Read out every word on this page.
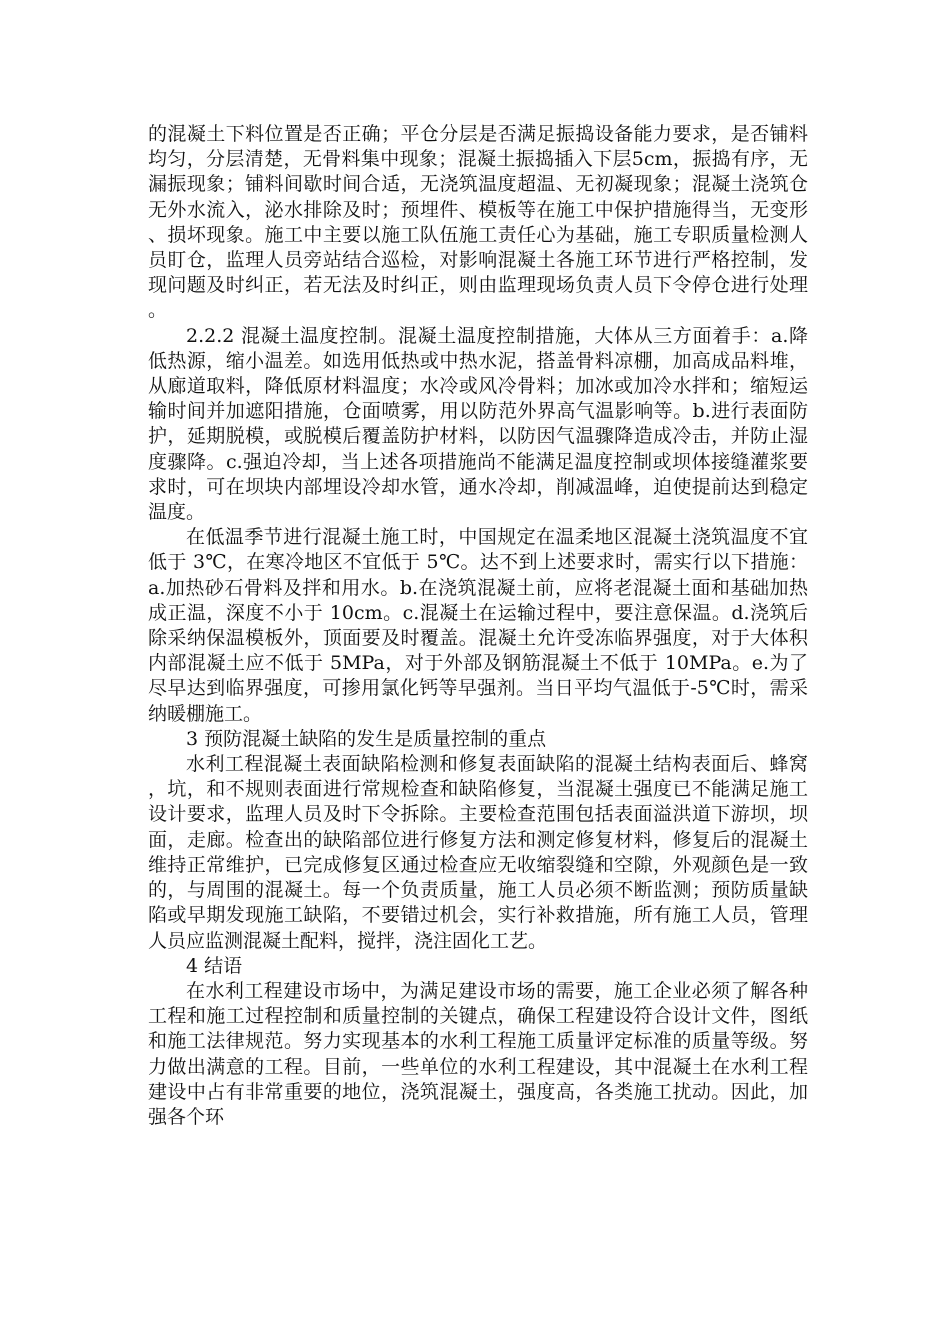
的混凝土下料位置是否正确；平仓分层是否满足振捣设备能力要求，是否铺料均匀，分层清楚，无骨料集中现象；混凝土振捣插入下层5cm，振捣有序，无漏振现象；铺料间歇时间合适，无浇筑温度超温、无初凝现象；混凝土浇筑仓无外水流入，泌水排除及时；预埋件、模板等在施工中保护措施得当，无变形、损坏现象。施工中主要以施工队伍施工责任心为基础，施工专职质量检测人员盯仓，监理人员旁站结合巡检，对影响混凝土各施工环节进行严格控制，发现问题及时纠正，若无法及时纠正，则由监理现场负责人员下令停仓进行处理。

2.2.2 混凝土温度控制。混凝土温度控制措施，大体从三方面着手：a.降低热源，缩小温差。如选用低热或中热水泥，搭盖骨料凉棚，加高成品料堆，从廊道取料，降低原材料温度；水冷或风冷骨料；加冰或加冷水拌和；缩短运输时间并加遮阳措施，仓面喷雾，用以防范外界高气温影响等。b.进行表面防护，延期脱模，或脱模后覆盖防护材料，以防因气温骤降造成冷击，并防止湿度骤降。c.强迫冷却，当上述各项措施尚不能满足温度控制或坝体接缝灌浆要求时，可在坝块内部埋设冷却水管，通水冷却，削减温峰，迫使提前达到稳定温度。

在低温季节进行混凝土施工时，中国规定在温柔地区混凝土浇筑温度不宜低于 3℃，在寒冷地区不宜低于 5℃。达不到上述要求时，需实行以下措施：a.加热砂石骨料及拌和用水。b.在浇筑混凝土前，应将老混凝土面和基础加热成正温，深度不小于 10cm。c.混凝土在运输过程中，要注意保温。d.浇筑后除采纳保温模板外，顶面要及时覆盖。混凝土允许受冻临界强度，对于大体积内部混凝土应不低于 5MPa，对于外部及钢筋混凝土不低于 10MPa。e.为了尽早达到临界强度，可掺用氯化钙等早强剂。当日平均气温低于-5℃时，需采纳暖棚施工。

3 预防混凝土缺陷的发生是质量控制的重点

水利工程混凝土表面缺陷检测和修复表面缺陷的混凝土结构表面后、蜂窝，坑，和不规则表面进行常规检查和缺陷修复，当混凝土强度已不能满足施工设计要求，监理人员及时下令拆除。主要检查范围包括表面溢洪道下游坝，坝面，走廊。检查出的缺陷部位进行修复方法和测定修复材料，修复后的混凝土维持正常维护，已完成修复区通过检查应无收缩裂缝和空隙，外观颜色是一致的，与周围的混凝土。每一个负责质量，施工人员必须不断监测；预防质量缺陷或早期发现施工缺陷，不要错过机会，实行补救措施，所有施工人员，管理人员应监测混凝土配料，搅拌，浇注固化工艺。

4 结语

在水利工程建设市场中，为满足建设市场的需要，施工企业必须了解各种工程和施工过程控制和质量控制的关键点，确保工程建设符合设计文件，图纸和施工法律规范。努力实现基本的水利工程施工质量评定标准的质量等级。努力做出满意的工程。目前，一些单位的水利工程建设，其中混凝土在水利工程建设中占有非常重要的地位，浇筑混凝土，强度高，各类施工扰动。因此，加强各个环
